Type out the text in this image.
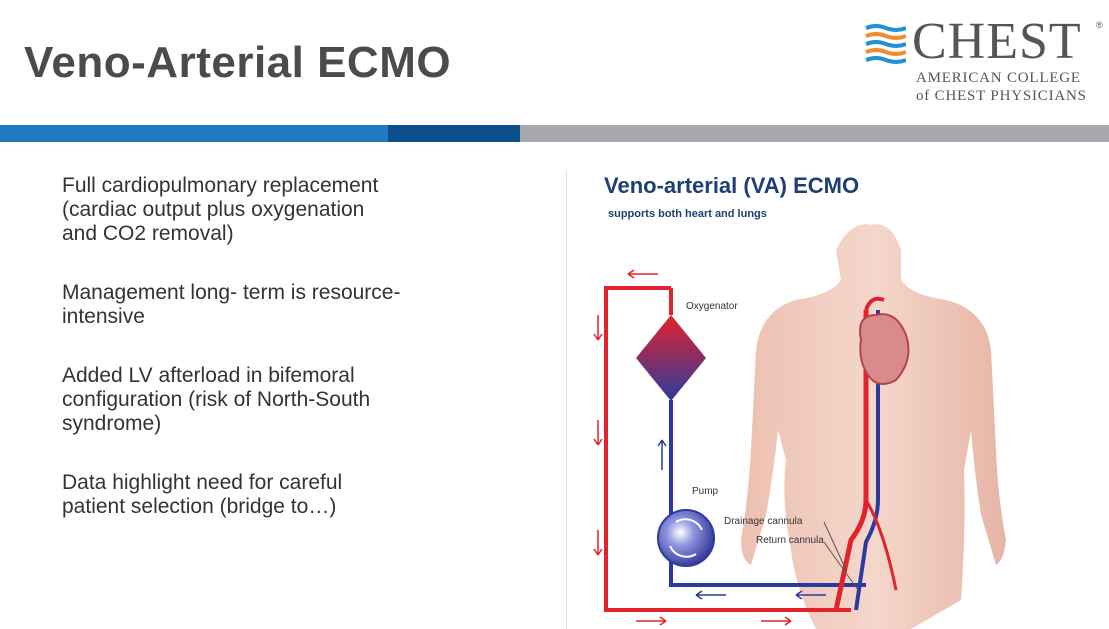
Veno-Arterial ECMO	CHEST ®
AMERICAN COLLEGE
of CHEST PHYSICIANS
Full cardiopulmonary replacement (cardiac output plus oxygenation and CO2 removal)
Management long- term is resource-intensive
Added LV afterload in bifemoral configuration (risk of North-South syndrome)
Data highlight need for careful patient selection (bridge to…)
Veno-arterial (VA) ECMO
supports both heart and lungs
Oxygenator
Pump
Drainage cannula
Return cannula
